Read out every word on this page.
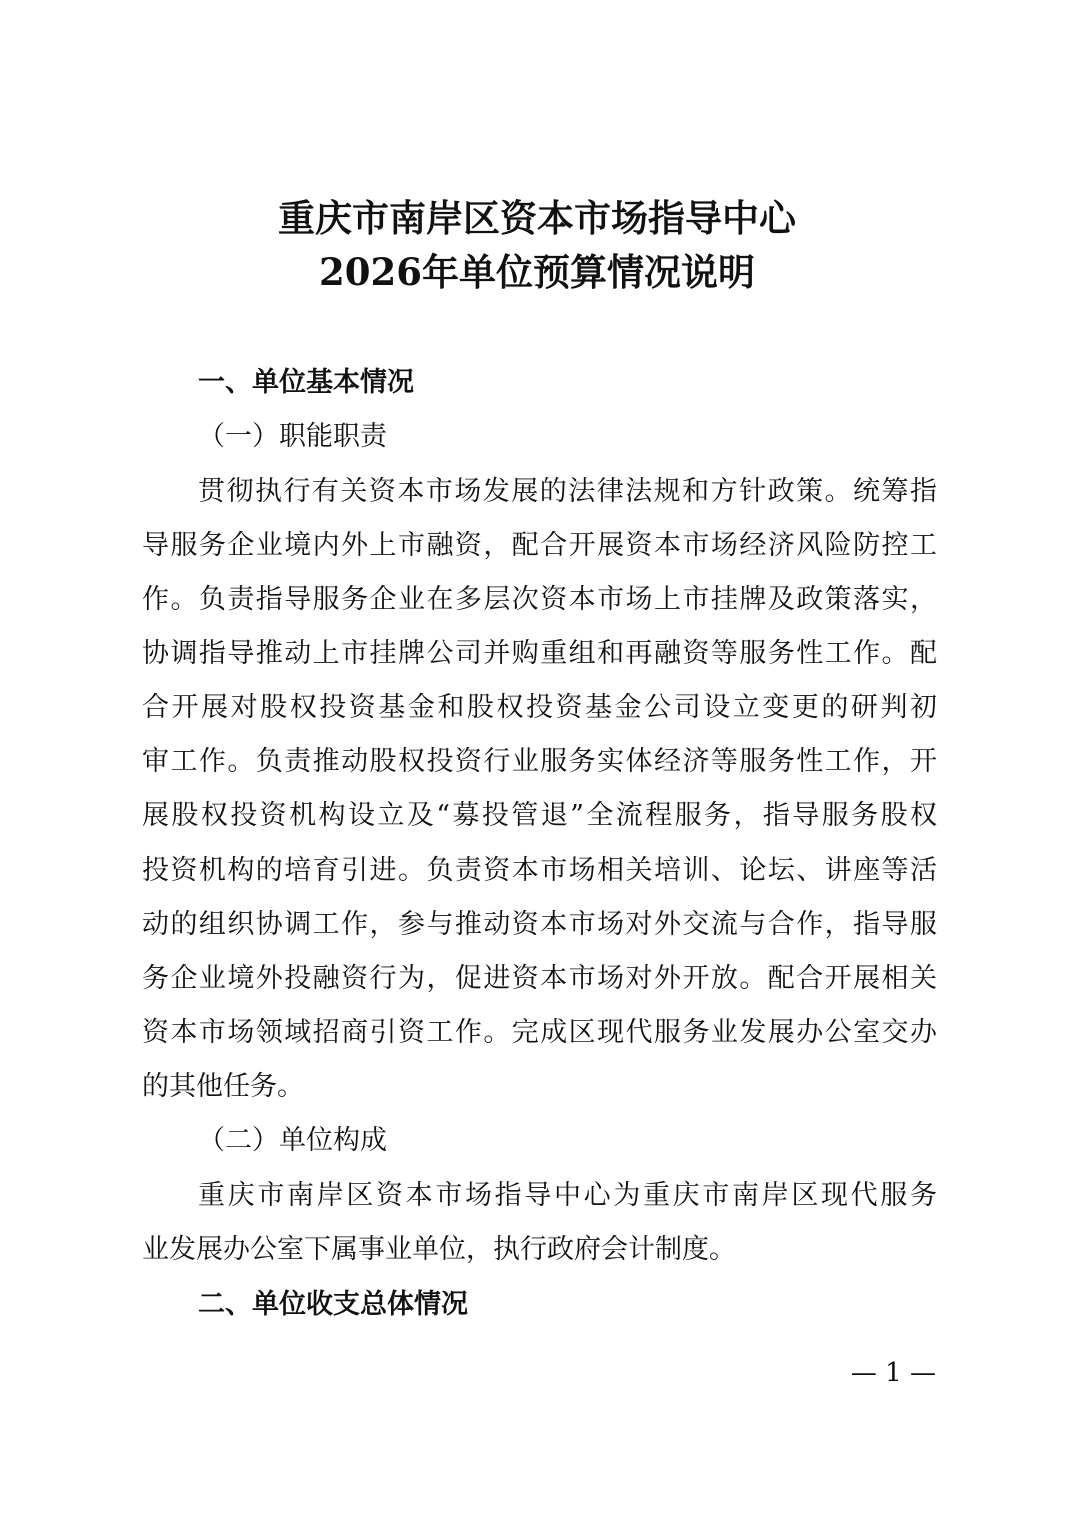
重庆市南岸区资本市场指导中心
2026年单位预算情况说明
一、单位基本情况
（一）职能职责
贯彻执行有关资本市场发展的法律法规和方针政策。统筹指
导服务企业境内外上市融资，配合开展资本市场经济风险防控工
作。负责指导服务企业在多层次资本市场上市挂牌及政策落实，
协调指导推动上市挂牌公司并购重组和再融资等服务性工作。配
合开展对股权投资基金和股权投资基金公司设立变更的研判初
审工作。负责推动股权投资行业服务实体经济等服务性工作，开
展股权投资机构设立及“募投管退”全流程服务，指导服务股权
投资机构的培育引进。负责资本市场相关培训、论坛、讲座等活
动的组织协调工作，参与推动资本市场对外交流与合作，指导服
务企业境外投融资行为，促进资本市场对外开放。配合开展相关
资本市场领域招商引资工作。完成区现代服务业发展办公室交办
的其他任务。
（二）单位构成
重庆市南岸区资本市场指导中心为重庆市南岸区现代服务
业发展办公室下属事业单位，执行政府会计制度。
二、单位收支总体情况
— 1 —
